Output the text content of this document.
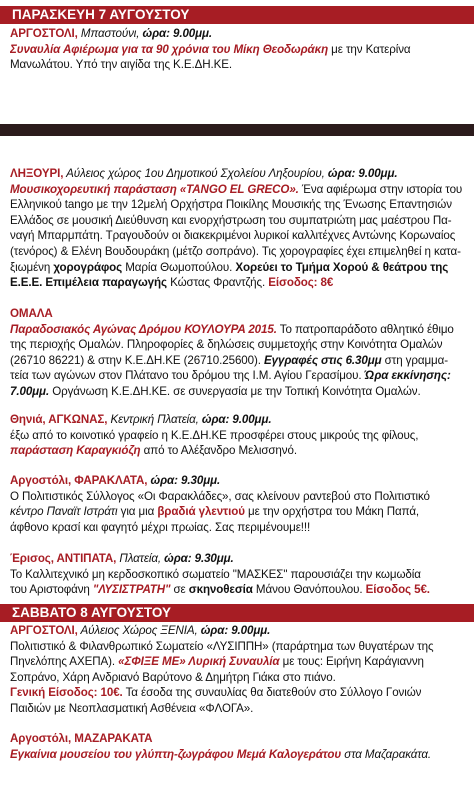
ΠΑΡΑΣΚΕΥΗ 7 ΑΥΓΟΥΣΤΟΥ
ΑΡΓΟΣΤΟΛΙ, Μπαστούνι, ώρα: 9.00μμ.
Συναυλία Αφιέρωμα για τα 90 χρόνια του Μίκη Θεοδωράκη με την Κατερίνα
Μανωλάτου. Υπό την αιγίδα της Κ.Ε.ΔΗ.ΚΕ.
ΛΗΞΟΥΡΙ, Αύλειος χώρος 1ου Δημοτικού Σχολείου Ληξουρίου, ώρα: 9.00μμ.
Μουσικοχορευτική παράσταση «TANGO EL GRECO». Ένα αφιέρωμα στην ιστορία του
Ελληνικού tango με την 12μελή Ορχήστρα Ποικίλης Μουσικής της Ένωσης Επαντησιών
Ελλάδος σε μουσική Διεύθυνση και ενορχήστρωση του συμπατριώτη μας μαέστρου Πα-
ναγή Μπαρμπάτη. Τραγουδούν οι διακεκριμένοι λυρικοί καλλιτέχνες Αντώνης Κορωναίος
(τενόρος) & Ελένη Βουδουράκη (μέτζο σοπράνο). Τις χορογραφίες έχει επιμεληθεί η κατα-
ξιωμένη χορογράφος Μαρία Θωμοπούλου. Χορεύει το Τμήμα Χορού & θεάτρου της
Ε.Ε.Ε. Επιμέλεια παραγωγής Κώστας Φραντζής. Είσοδος: 8€
ΟΜΑΛΑ
Παραδοσιακός Αγώνας Δρόμου ΚΟΥΛΟΥΡΑ 2015. Το πατροπαράδοτο αθλητικό έθιμο
της περιοχής Ομαλών. Πληροφορίες & δηλώσεις συμμετοχής στην Κοινότητα Ομαλών
(26710 86221) & στην Κ.Ε.ΔΗ.ΚΕ (26710.25600). Εγγραφές στις 6.30μμ στη γραμμα-
τεία των αγώνων στον Πλάτανο του δρόμου της Ι.Μ. Αγίου Γερασίμου. Ώρα εκκίνησης:
7.00μμ. Οργάνωση Κ.Ε.ΔΗ.ΚΕ. σε συνεργασία με την Τοπική Κοινότητα Ομαλών.
Θηνιά, ΑΓΚΩΝΑΣ, Κεντρική Πλατεία, ώρα: 9.00μμ.
έξω από το κοινοτικό γραφείο η Κ.Ε.ΔΗ.ΚΕ προσφέρει στους μικρούς της φίλους,
παράσταση Καραγκιόζη από το Αλέξανδρο Μελισσηνό.
Αργοστόλι, ΦΑΡΑΚΛΑΤΑ, ώρα: 9.30μμ.
Ο Πολιτιστικός Σύλλογος «Οι Φαρακλάδες», σας κλείνουν ραντεβού στο Πολιτιστικό
κέντρο Παναϊτ Ιστράτι για μια βραδιά γλεντιού με την ορχήστρα του Μάκη Παπά,
άφθονο κρασί και φαγητό μέχρι πρωίας. Σας περιμένουμε!!!
Έρισος, ΑΝΤΙΠΑΤΑ, Πλατεία, ώρα: 9.30μμ.
Το Καλλιτεχνικό μη κερδοσκοπικό σωματείο "ΜΑΣΚΕΣ" παρουσιάζει την κωμωδία
του Αριστοφάνη "ΛΥΣΙΣΤΡΑΤΗ" σε σκηνοθεσία Μάνου Θανόπουλου. Είσοδος 5€.
ΣΑΒΒΑΤΟ 8 ΑΥΓΟΥΣΤΟΥ
ΑΡΓΟΣΤΟΛΙ, Αύλειος Χώρος ΞΕΝΙΑ, ώρα: 9.00μμ.
Πολιτιστικό & Φιλανθρωπικό Σωματείο «ΛΥΣΙΠΠΗ» (παράρτημα των θυγατέρων της
Πηνελόπης ΑΧΕΠΑ). «ΣΦΙΞΕ ΜΕ» Λυρική Συναυλία με τους: Ειρήνη Καράγιαννη
Σοπράνο, Χάρη Ανδριανό Βαρύτονο & Δημήτρη Γιάκα στο πιάνο.
Γενική Είσοδος: 10€. Τα έσοδα της συναυλίας θα διατεθούν στο Σύλλογο Γονιών
Παιδιών με Νεοπλασματική Ασθένεια «ΦΛΟΓΑ».
Αργοστόλι, ΜΑΖΑΡΑΚΑΤΑ
Εγκαίνια μουσείου του γλύπτη-ζωγράφου Μεμά Καλογεράτου στα Μαζαρακάτα.
